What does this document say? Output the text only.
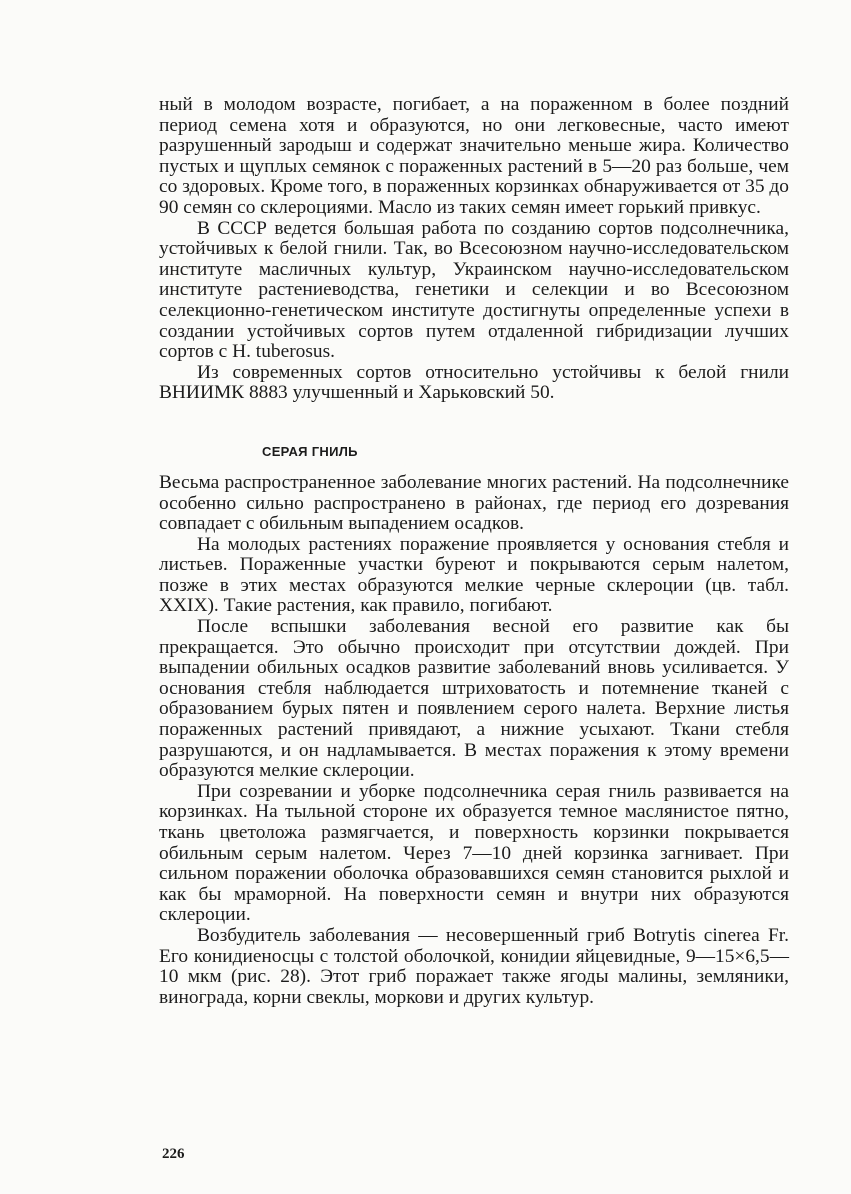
ный в молодом возрасте, погибает, а на пораженном в более поздний период семена хотя и образуются, но они легковесные, часто имеют разрушенный зародыш и содержат значительно меньше жира. Количество пустых и щуплых семянок с пораженных растений в 5—20 раз больше, чем со здоровых. Кроме того, в пораженных корзинках обнаруживается от 35 до 90 семян со склероциями. Масло из таких семян имеет горький привкус.

В СССР ведется большая работа по созданию сортов подсолнечника, устойчивых к белой гнили. Так, во Всесоюзном научно-исследовательском институте масличных культур, Украинском научно-исследовательском институте растениеводства, генетики и селекции и во Всесоюзном селекционно-генетическом институте достигнуты определенные успехи в создании устойчивых сортов путем отдаленной гибридизации лучших сортов с H. tuberosus.

Из современных сортов относительно устойчивы к белой гнили ВНИИМК 8883 улучшенный и Харьковский 50.

СЕРАЯ ГНИЛЬ

Весьма распространенное заболевание многих растений. На подсолнечнике особенно сильно распространено в районах, где период его дозревания совпадает с обильным выпадением осадков.

На молодых растениях поражение проявляется у основания стебля и листьев. Пораженные участки буреют и покрываются серым налетом, позже в этих местах образуются мелкие черные склероции (цв. табл. XXIX). Такие растения, как правило, погибают.

После вспышки заболевания весной его развитие как бы прекращается. Это обычно происходит при отсутствии дождей. При выпадении обильных осадков развитие заболеваний вновь усиливается. У основания стебля наблюдается штриховатость и потемнение тканей с образованием бурых пятен и появлением серого налета. Верхние листья пораженных растений привядают, а нижние усыхают. Ткани стебля разрушаются, и он надламывается. В местах поражения к этому времени образуются мелкие склероции.

При созревании и уборке подсолнечника серая гниль развивается на корзинках. На тыльной стороне их образуется темное маслянистое пятно, ткань цветоложа размягчается, и поверхность корзинки покрывается обильным серым налетом. Через 7—10 дней корзинка загнивает. При сильном поражении оболочка образовавшихся семян становится рыхлой и как бы мраморной. На поверхности семян и внутри них образуются склероции.

Возбудитель заболевания — несовершенный гриб Botrytis cinerea Fr. Его конидиеносцы с толстой оболочкой, конидии яйцевидные, 9—15×6,5—10 мкм (рис. 28). Этот гриб поражает также ягоды малины, земляники, винограда, корни свеклы, моркови и других культур.

226
